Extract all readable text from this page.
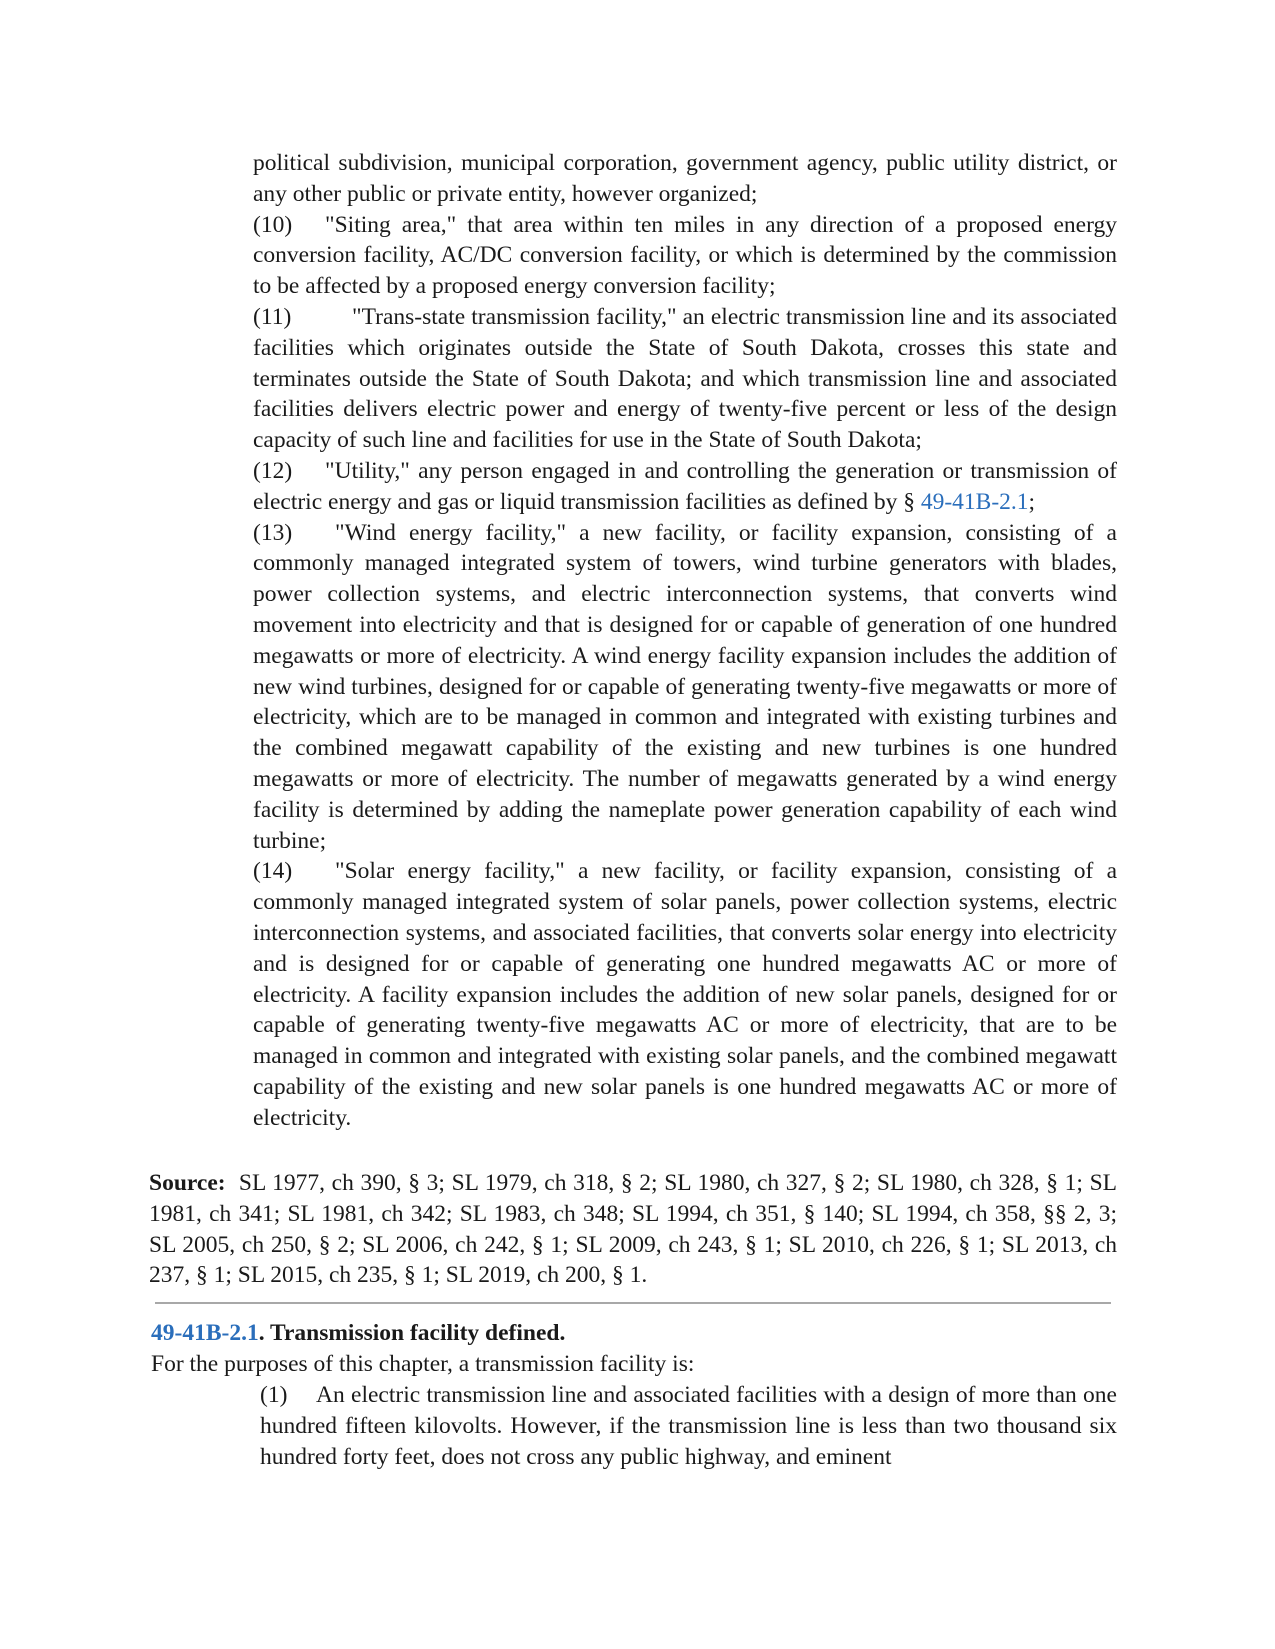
political subdivision, municipal corporation, government agency, public utility district, or any other public or private entity, however organized;

(10) "Siting area," that area within ten miles in any direction of a proposed energy conversion facility, AC/DC conversion facility, or which is determined by the commission to be affected by a proposed energy conversion facility;

(11)	"Trans-state transmission facility," an electric transmission line and its associated facilities which originates outside the State of South Dakota, crosses this state and terminates outside the State of South Dakota; and which transmission line and associated facilities delivers electric power and energy of twenty-five percent or less of the design capacity of such line and facilities for use in the State of South Dakota;

(12) "Utility," any person engaged in and controlling the generation or transmission of electric energy and gas or liquid transmission facilities as defined by § 49-41B-2.1;

(13) "Wind energy facility," a new facility, or facility expansion, consisting of a commonly managed integrated system of towers, wind turbine generators with blades, power collection systems, and electric interconnection systems, that converts wind movement into electricity and that is designed for or capable of generation of one hundred megawatts or more of electricity. A wind energy facility expansion includes the addition of new wind turbines, designed for or capable of generating twenty-five megawatts or more of electricity, which are to be managed in common and integrated with existing turbines and the combined megawatt capability of the existing and new turbines is one hundred megawatts or more of electricity. The number of megawatts generated by a wind energy facility is determined by adding the nameplate power generation capability of each wind turbine;

(14) "Solar energy facility," a new facility, or facility expansion, consisting of a commonly managed integrated system of solar panels, power collection systems, electric interconnection systems, and associated facilities, that converts solar energy into electricity and is designed for or capable of generating one hundred megawatts AC or more of electricity. A facility expansion includes the addition of new solar panels, designed for or capable of generating twenty-five megawatts AC or more of electricity, that are to be managed in common and integrated with existing solar panels, and the combined megawatt capability of the existing and new solar panels is one hundred megawatts AC or more of electricity.

Source: SL 1977, ch 390, § 3; SL 1979, ch 318, § 2; SL 1980, ch 327, § 2; SL 1980, ch 328, § 1; SL 1981, ch 341; SL 1981, ch 342; SL 1983, ch 348; SL 1994, ch 351, § 140; SL 1994, ch 358, §§ 2, 3; SL 2005, ch 250, § 2; SL 2006, ch 242, § 1; SL 2009, ch 243, § 1; SL 2010, ch 226, § 1; SL 2013, ch 237, § 1; SL 2015, ch 235, § 1; SL 2019, ch 200, § 1.
49-41B-2.1. Transmission facility defined.
For the purposes of this chapter, a transmission facility is:

(1) An electric transmission line and associated facilities with a design of more than one hundred fifteen kilovolts. However, if the transmission line is less than two thousand six hundred forty feet, does not cross any public highway, and eminent
